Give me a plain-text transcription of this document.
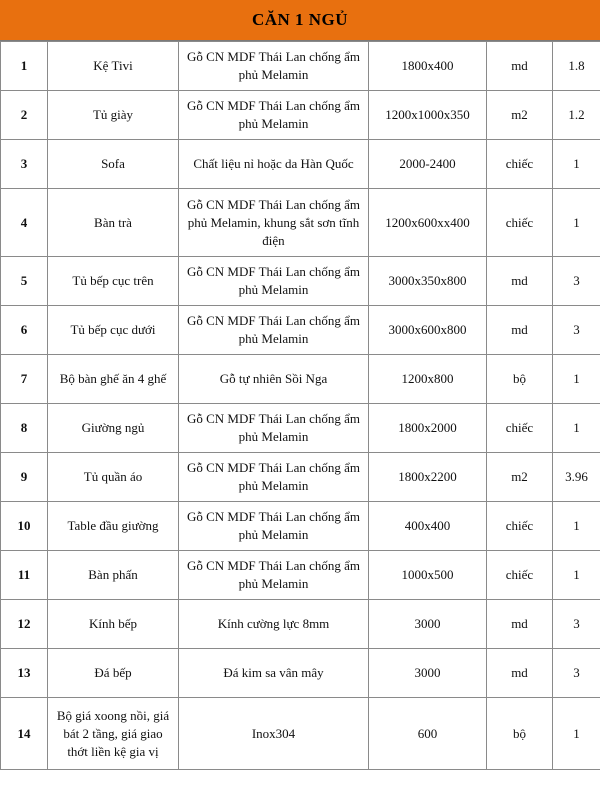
CĂN 1 NGỦ
1	Kệ Tivi	Gỗ CN MDF Thái Lan chống ẩm phủ Melamin	1800x400	md	1.8
2	Tủ giày	Gỗ CN MDF Thái Lan chống ẩm phủ Melamin	1200x1000x350	m2	1.2
3	Sofa	Chất liệu nỉ hoặc da Hàn Quốc	2000-2400	chiếc	1
4	Bàn trà	Gỗ CN MDF Thái Lan chống ẩm phủ Melamin, khung sắt sơn tĩnh điện	1200x600xx400	chiếc	1
5	Tủ bếp cục trên	Gỗ CN MDF Thái Lan chống ẩm phủ Melamin	3000x350x800	md	3
6	Tủ bếp cục dưới	Gỗ CN MDF Thái Lan chống ẩm phủ Melamin	3000x600x800	md	3
7	Bộ bàn ghế ăn 4 ghế	Gỗ tự nhiên Sồi Nga	1200x800	bộ	1
8	Giường ngủ	Gỗ CN MDF Thái Lan chống ẩm phủ Melamin	1800x2000	chiếc	1
9	Tủ quần áo	Gỗ CN MDF Thái Lan chống ẩm phủ Melamin	1800x2200	m2	3.96
10	Table đầu giường	Gỗ CN MDF Thái Lan chống ẩm phủ Melamin	400x400	chiếc	1
11	Bàn phấn	Gỗ CN MDF Thái Lan chống ẩm phủ Melamin	1000x500	chiếc	1
12	Kính bếp	Kính cường lực 8mm	3000	md	3
13	Đá bếp	Đá kim sa vân mây	3000	md	3
14	Bộ giá xoong nồi, giá bát 2 tầng, giá giao thớt liền kệ gia vị	Inox304	600	bộ	1
